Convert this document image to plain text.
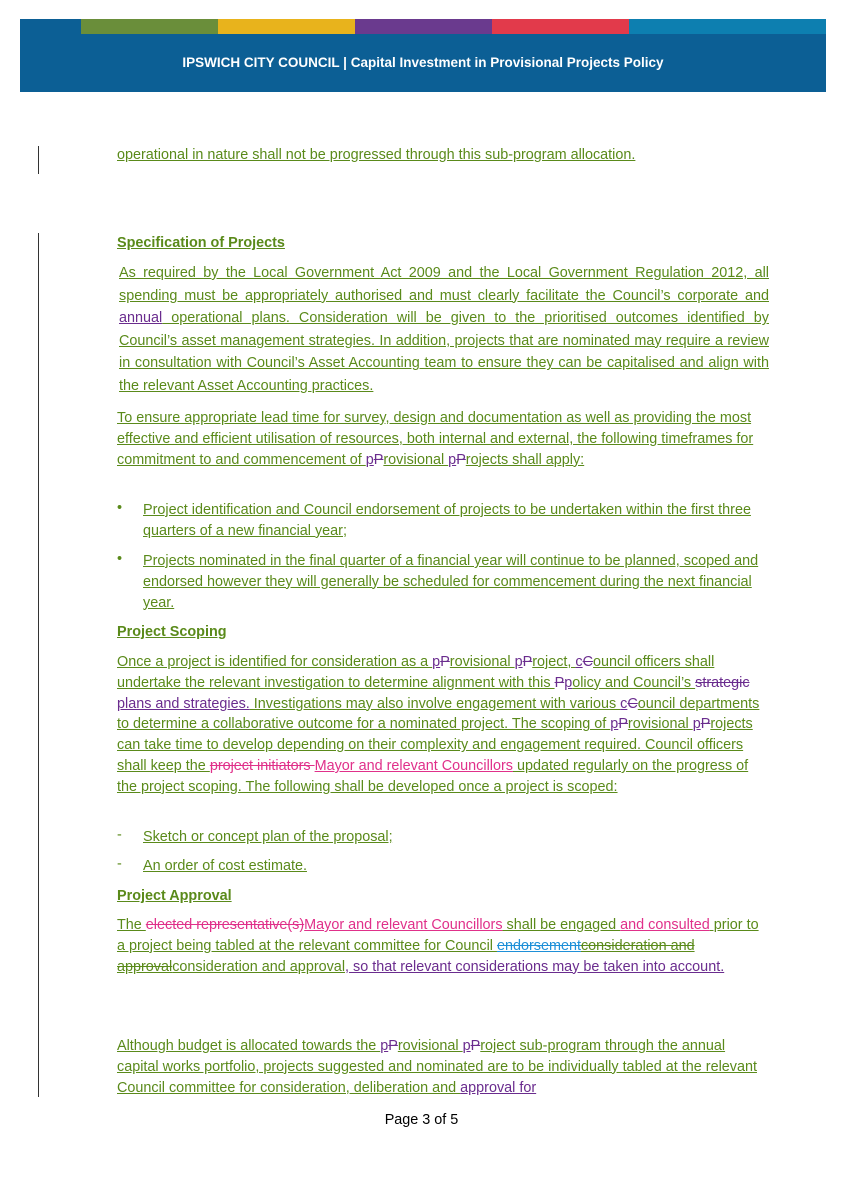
IPSWICH CITY COUNCIL | Capital Investment in Provisional Projects Policy
operational in nature shall not be progressed through this sub-program allocation.
Specification of Projects
As required by the Local Government Act 2009 and the Local Government Regulation 2012, all spending must be appropriately authorised and must clearly facilitate the Council’s corporate and annual operational plans. Consideration will be given to the prioritised outcomes identified by Council’s asset management strategies. In addition, projects that are nominated may require a review in consultation with Council’s Asset Accounting team to ensure they can be capitalised and align with the relevant Asset Accounting practices.
To ensure appropriate lead time for survey, design and documentation as well as providing the most effective and efficient utilisation of resources, both internal and external, the following timeframes for commitment to and commencement of pProvisional pProjects shall apply:
• Project identification and Council endorsement of projects to be undertaken within the first three quarters of a new financial year;
• Projects nominated in the final quarter of a financial year will continue to be planned, scoped and endorsed however they will generally be scheduled for commencement during the next financial year.
Project Scoping
Once a project is identified for consideration as a pProvisional pProject, cCouncil officers shall undertake the relevant investigation to determine alignment with this Ppolicy and Council’s strategic plans and strategies. Investigations may also involve engagement with various cCouncil departments to determine a collaborative outcome for a nominated project. The scoping of pProvisional pProjects can take time to develop depending on their complexity and engagement required. Council officers shall keep the project initiators Mayor and relevant Councillors updated regularly on the progress of the project scoping. The following shall be developed once a project is scoped:
- Sketch or concept plan of the proposal;
- An order of cost estimate.
Project Approval
The elected representative(s)Mayor and relevant Councillors shall be engaged and consulted prior to a project being tabled at the relevant committee for Council endorsementconsideration and approvalconsideration and approval, so that relevant considerations may be taken into account.
Although budget is allocated towards the pProvisional pProject sub-program through the annual capital works portfolio, projects suggested and nominated are to be individually tabled at the relevant Council committee for consideration, deliberation and approval for
Page 3 of 5
